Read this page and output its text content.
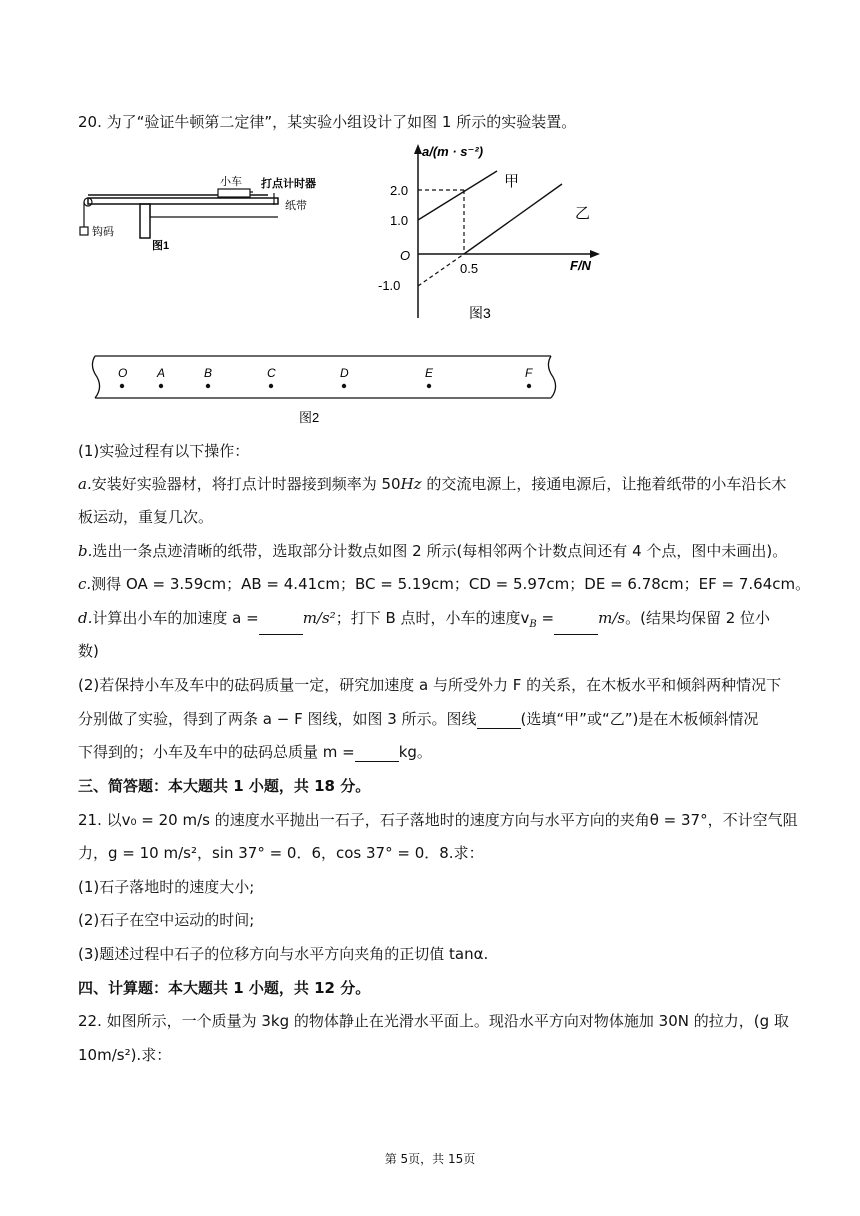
20. 为了“验证牛顿第二定律”，某实验小组设计了如图 1 所示的实验装置。
小车 打点计时器
纸带
钩码
图1
a/(m · s⁻²)
F/N
甲
乙
2.0
1.0
O
-1.0
0.5
图3
O A	B	C	D	E	F
图2
(1)实验过程有以下操作：
a.安装好实验器材，将打点计时器接到频率为 50Hz 的交流电源上，接通电源后，让拖着纸带的小车沿长木
板运动，重复几次。
b.选出一条点迹清晰的纸带，选取部分计数点如图 2 所示(每相邻两个计数点间还有 4 个点，图中未画出)。
c.测得 OA = 3.59cm；AB = 4.41cm；BC = 5.19cm；CD = 5.97cm；DE = 6.78cm；EF = 7.64cm。
d.计算出小车的加速度 a =	m/s²；打下 B 点时，小车的速度$v_B$ =	m/s。(结果均保留 2 位小
数)
(2)若保持小车及车中的砝码质量一定，研究加速度 a 与所受外力 F 的关系，在木板水平和倾斜两种情况下
分别做了实验，得到了两条 a − F 图线，如图 3 所示。图线	(选填“甲”或“乙”)是在木板倾斜情况
下得到的；小车及车中的砝码总质量 m =	kg。
三、简答题：本大题共 1 小题，共 18 分。
21. 以v₀ = 20 m/s 的速度水平抛出一石子，石子落地时的速度方向与水平方向的夹角θ = 37°，不计空气阻
力，g = 10 m/s²，sin 37° = 0．6，cos 37° = 0．8.求：
(1)石子落地时的速度大小;
(2)石子在空中运动的时间;
(3)题述过程中石子的位移方向与水平方向夹角的正切值 tanα.
四、计算题：本大题共 1 小题，共 12 分。
22. 如图所示，一个质量为 3kg 的物体静止在光滑水平面上。现沿水平方向对物体施加 30N 的拉力，(g 取
10m/s²).求：
第 5页，共 15页
